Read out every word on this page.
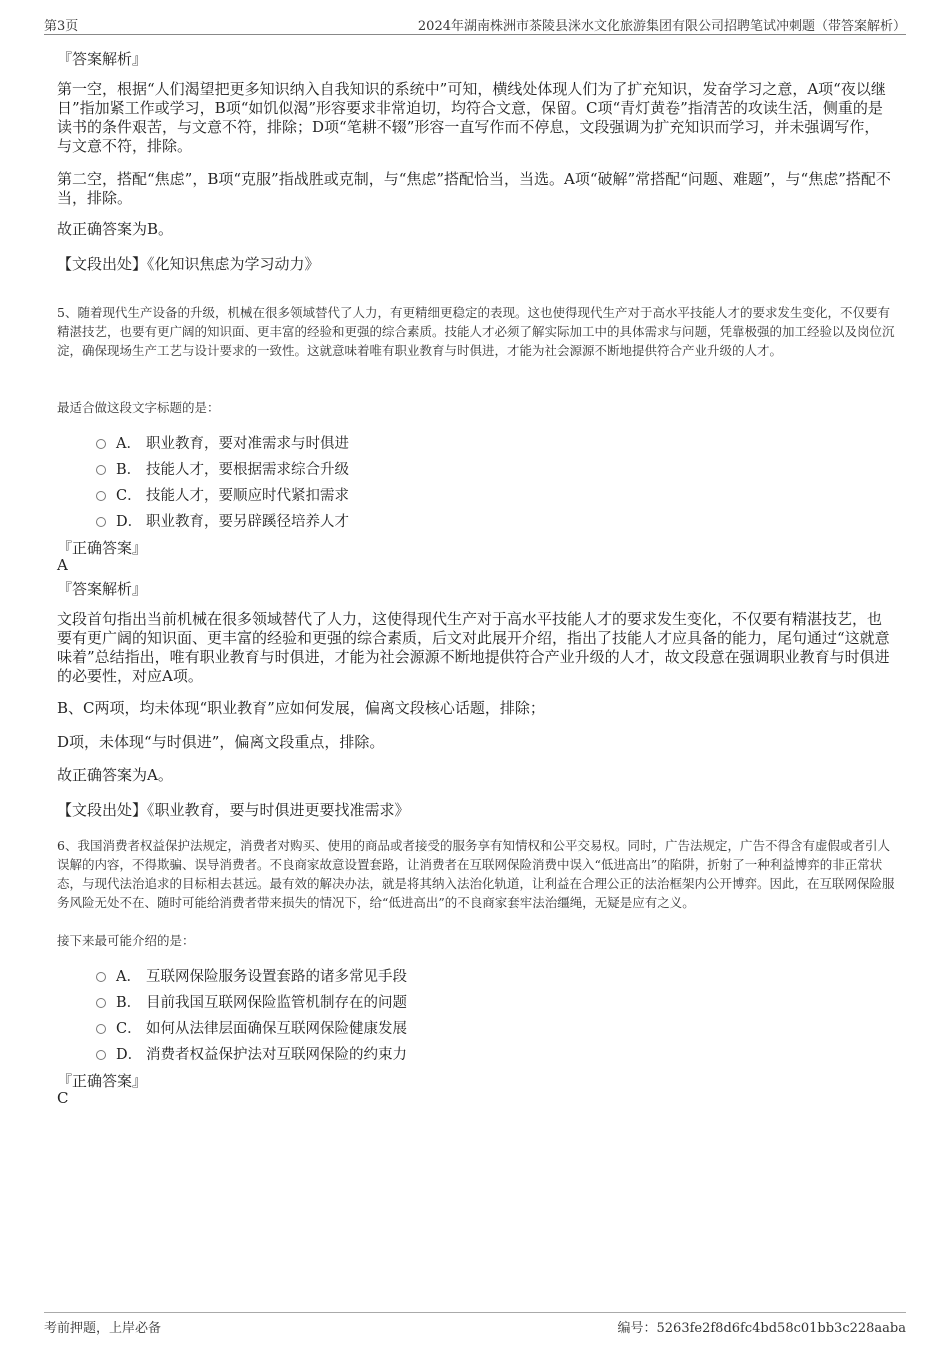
第3页	2024年湖南株洲市茶陵县洣水文化旅游集团有限公司招聘笔试冲刺题（带答案解析）
『答案解析』
第一空，根据“人们渴望把更多知识纳入自我知识的系统中”可知，横线处体现人们为了扩充知识，发奋学习之意，A项“夜以继日”指加紧工作或学习，B项“如饥似渴”形容要求非常迫切，均符合文意，保留。C项“青灯黄卷”指清苦的攻读生活，侧重的是读书的条件艰苦，与文意不符，排除；D项“笔耕不辍”形容一直写作而不停息，文段强调为扩充知识而学习，并未强调写作，与文意不符，排除。
第二空，搭配“焦虑”，B项“克服”指战胜或克制，与“焦虑”搭配恰当，当选。A项“破解”常搭配“问题、难题”，与“焦虑”搭配不当，排除。
故正确答案为B。
【文段出处】《化知识焦虑为学习动力》
5、随着现代生产设备的升级，机械在很多领域替代了人力，有更精细更稳定的表现。这也使得现代生产对于高水平技能人才的要求发生变化，不仅要有精湛技艺，也要有更广阔的知识面、更丰富的经验和更强的综合素质。技能人才必须了解实际加工中的具体需求与问题，凭靠极强的加工经验以及岗位沉淀，确保现场生产工艺与设计要求的一致性。这就意味着唯有职业教育与时俱进，才能为社会源源不断地提供符合产业升级的人才。
最适合做这段文字标题的是：
A． 职业教育，要对准需求与时俱进
B． 技能人才，要根据需求综合升级
C． 技能人才，要顺应时代紧扣需求
D． 职业教育，要另辟蹊径培养人才
『正确答案』
A
『答案解析』
文段首句指出当前机械在很多领域替代了人力，这使得现代生产对于高水平技能人才的要求发生变化，不仅要有精湛技艺，也要有更广阔的知识面、更丰富的经验和更强的综合素质，后文对此展开介绍，指出了技能人才应具备的能力，尾句通过“这就意味着”总结指出，唯有职业教育与时俱进，才能为社会源源不断地提供符合产业升级的人才，故文段意在强调职业教育与时俱进的必要性，对应A项。
B、C两项，均未体现“职业教育”应如何发展，偏离文段核心话题，排除；
D项，未体现“与时俱进”，偏离文段重点，排除。
故正确答案为A。
【文段出处】《职业教育，要与时俱进更要找准需求》
6、我国消费者权益保护法规定，消费者对购买、使用的商品或者接受的服务享有知情权和公平交易权。同时，广告法规定，广告不得含有虚假或者引人误解的内容，不得欺骗、误导消费者。不良商家故意设置套路，让消费者在互联网保险消费中误入“低进高出”的陷阱，折射了一种利益博弈的非正常状态，与现代法治追求的目标相去甚远。最有效的解决办法，就是将其纳入法治化轨道，让利益在合理公正的法治框架内公开博弈。因此，在互联网保险服务风险无处不在、随时可能给消费者带来损失的情况下，给“低进高出”的不良商家套牢法治缰绳，无疑是应有之义。
接下来最可能介绍的是：
A． 互联网保险服务设置套路的诸多常见手段
B． 目前我国互联网保险监管机制存在的问题
C． 如何从法律层面确保互联网保险健康发展
D． 消费者权益保护法对互联网保险的约束力
『正确答案』
C
考前押题，上岸必备	编号：5263fe2f8d6fc4bd58c01bb3c228aaba
